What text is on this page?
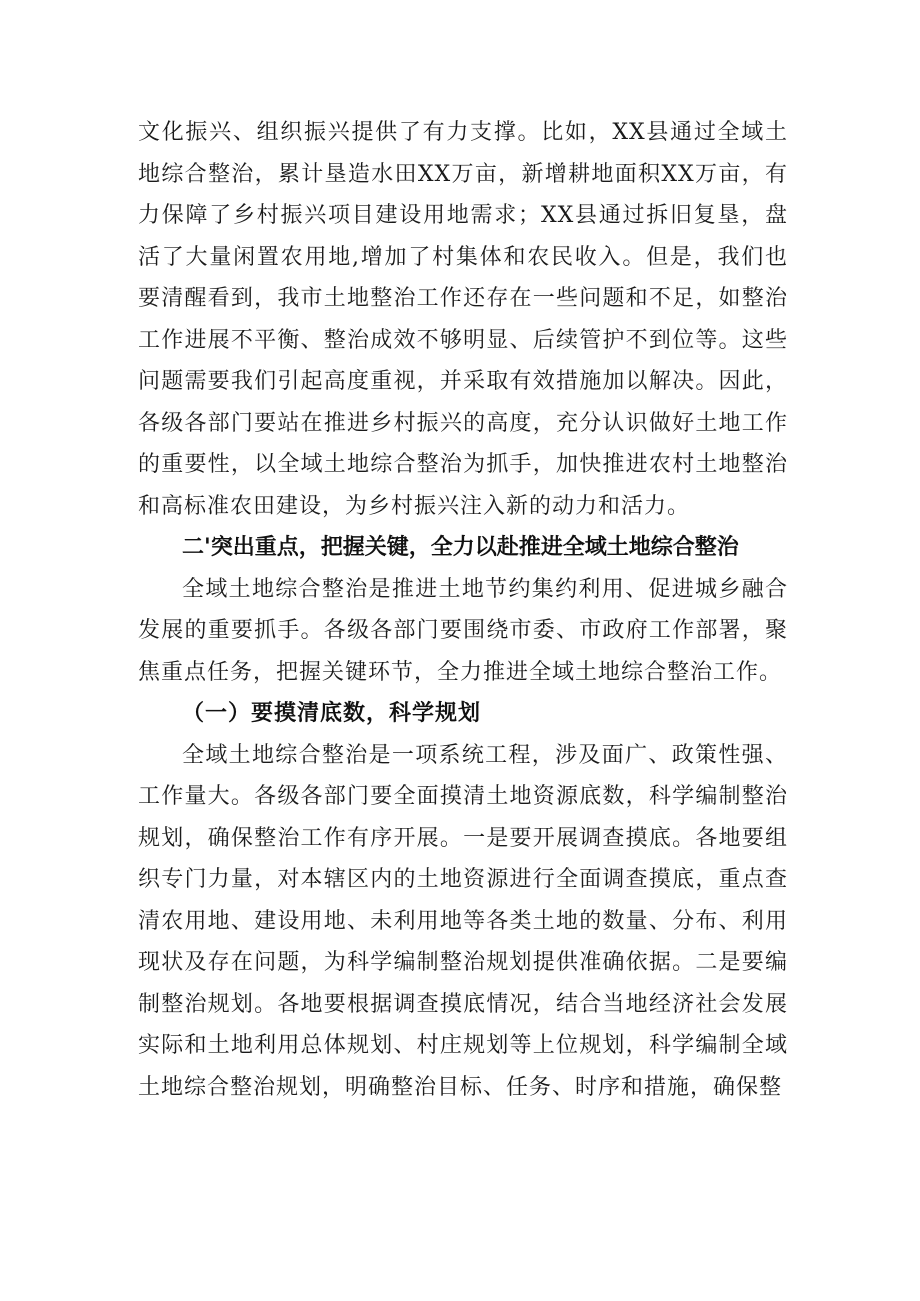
文化振兴、组织振兴提供了有力支撑。比如，XX县通过全域土地综合整治，累计垦造水田XX万亩，新增耕地面积XX万亩，有力保障了乡村振兴项目建设用地需求；XX县通过拆旧复垦，盘活了大量闲置农用地,增加了村集体和农民收入。但是，我们也要清醒看到，我市土地整治工作还存在一些问题和不足，如整治工作进展不平衡、整治成效不够明显、后续管护不到位等。这些问题需要我们引起高度重视，并采取有效措施加以解决。因此，各级各部门要站在推进乡村振兴的高度，充分认识做好土地工作的重要性，以全域土地综合整治为抓手，加快推进农村土地整治和高标准农田建设，为乡村振兴注入新的动力和活力。

二'突出重点，把握关键，全力以赴推进全域土地综合整治

全域土地综合整治是推进土地节约集约利用、促进城乡融合发展的重要抓手。各级各部门要围绕市委、市政府工作部署，聚焦重点任务，把握关键环节，全力推进全域土地综合整治工作。

（一）要摸清底数，科学规划

全域土地综合整治是一项系统工程，涉及面广、政策性强、工作量大。各级各部门要全面摸清土地资源底数，科学编制整治规划，确保整治工作有序开展。一是要开展调查摸底。各地要组织专门力量，对本辖区内的土地资源进行全面调查摸底，重点查清农用地、建设用地、未利用地等各类土地的数量、分布、利用现状及存在问题，为科学编制整治规划提供准确依据。二是要编制整治规划。各地要根据调查摸底情况，结合当地经济社会发展实际和土地利用总体规划、村庄规划等上位规划，科学编制全域土地综合整治规划，明确整治目标、任务、时序和措施，确保整
